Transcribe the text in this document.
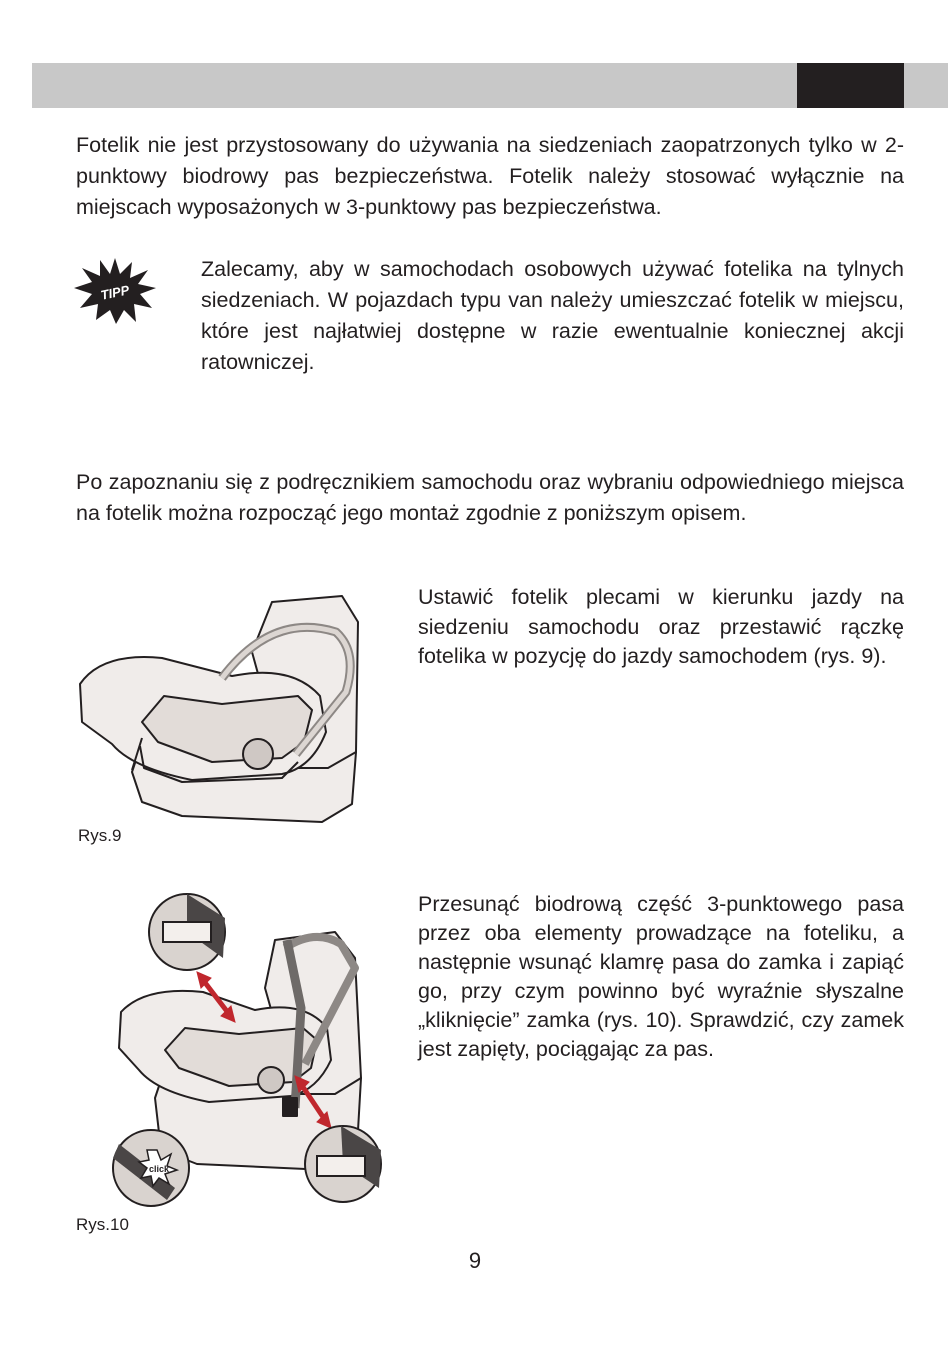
Fotelik nie jest przystosowany do używania na siedzeniach zaopatrzonych tylko w 2-punktowy biodrowy pas bezpieczeństwa. Fotelik należy stosować wyłącznie na miejscach wyposażonych w 3-punktowy pas bezpieczeństwa.

TIPP

Zalecamy, aby w samochodach osobowych używać fotelika na tylnych siedzeniach. W pojazdach typu van należy umieszczać fotelik w miejscu, które jest najłatwiej dostępne w razie ewentualnie koniecznej akcji ratowniczej.

Po zapoznaniu się z podręcznikiem samochodu oraz wybraniu odpowiedniego miejsca na fotelik można rozpocząć jego montaż zgodnie z poniższym opisem.

Rys.9

Ustawić fotelik plecami w kierunku jazdy na siedzeniu samochodu oraz przestawić rączkę fotelika w pozycję do jazdy samochodem (rys. 9).

click
Rys.10

Przesunąć biodrową część 3-punktowego pasa przez oba elementy prowadzące na foteliku, a następnie wsunąć klamrę pasa do zamka i zapiąć go, przy czym powinno być wyraźnie słyszalne „kliknięcie” zamka (rys. 10). Sprawdzić, czy zamek jest zapięty, pociągając za pas.

9
